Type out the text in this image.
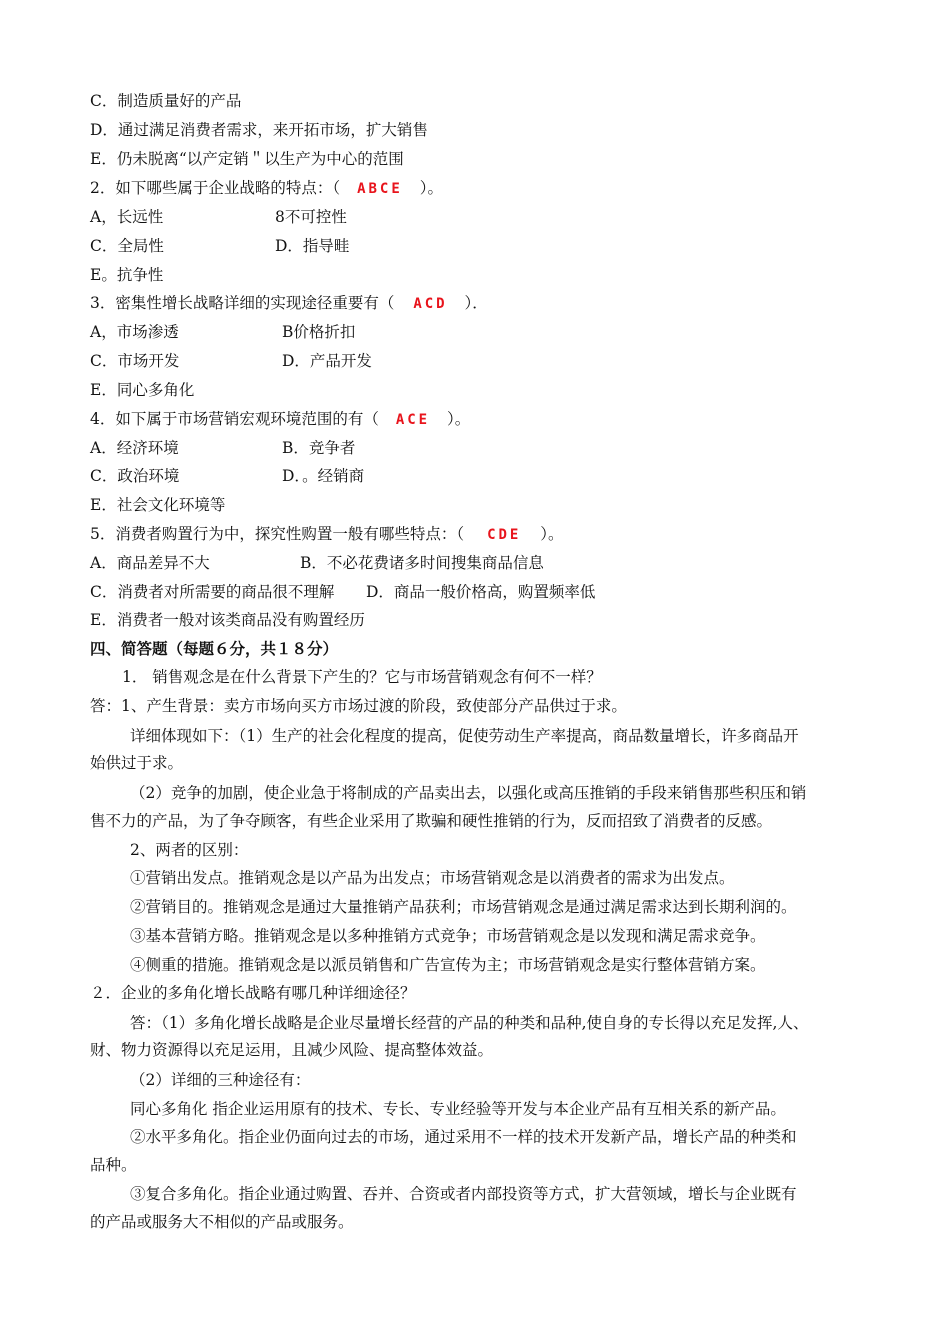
C．制造质量好的产品
D．通过满足消费者需求，来开拓市场，扩大销售
E．仍未脱离“以产定销＂以生产为中心的范围
2．如下哪些属于企业战略的特点：（ ABCE ）。
A，长远性	8不可控性
C．全局性	D．指导畦
E。抗争性
3．密集性增长战略详细的实现途径重要有（ ACD ）．
A，市场渗透	B价格折扣
C．市场开发	D．产品开发
E．同心多角化
4．如下属于市场营销宏观环境范围的有（ ACE ）。
A．经济环境	B．竞争者
C．政治环境	D．。经销商
E．社会文化环境等
5．消费者购置行为中，探究性购置一般有哪些特点：（ CDE ）。
A．商品差异不大	B．不必花费诸多时间搜集商品信息
C．消费者对所需要的商品很不理解 D．商品一般价格高，购置频率低
E．消费者一般对该类商品没有购置经历
四、简答题（每题６分，共１８分）
1． 销售观念是在什么背景下产生的？它与市场营销观念有何不一样？
答：1、产生背景：卖方市场向买方市场过渡的阶段，致使部分产品供过于求。
详细体现如下：（1）生产的社会化程度的提高，促使劳动生产率提高，商品数量增长，许多商品开
始供过于求。
（2）竞争的加剧，使企业急于将制成的产品卖出去，以强化或高压推销的手段来销售那些积压和销
售不力的产品，为了争夺顾客，有些企业采用了欺骗和硬性推销的行为，反而招致了消费者的反感。
2、两者的区别：
①营销出发点。推销观念是以产品为出发点；市场营销观念是以消费者的需求为出发点。
②营销目的。推销观念是通过大量推销产品获利；市场营销观念是通过满足需求达到长期利润的。
③基本营销方略。推销观念是以多种推销方式竞争；市场营销观念是以发现和满足需求竞争。
④侧重的措施。推销观念是以派员销售和广告宣传为主；市场营销观念是实行整体营销方案。
２．企业的多角化增长战略有哪几种详细途径？
答：（1）多角化增长战略是企业尽量增长经营的产品的种类和品种,使自身的专长得以充足发挥,人、
财、物力资源得以充足运用，且减少风险、提高整体效益。
（2）详细的三种途径有：
同心多角化 指企业运用原有的技术、专长、专业经验等开发与本企业产品有互相关系的新产品。
②水平多角化。指企业仍面向过去的市场，通过采用不一样的技术开发新产品，增长产品的种类和
品种。
③复合多角化。指企业通过购置、吞并、合资或者内部投资等方式，扩大营领域，增长与企业既有
的产品或服务大不相似的产品或服务。
